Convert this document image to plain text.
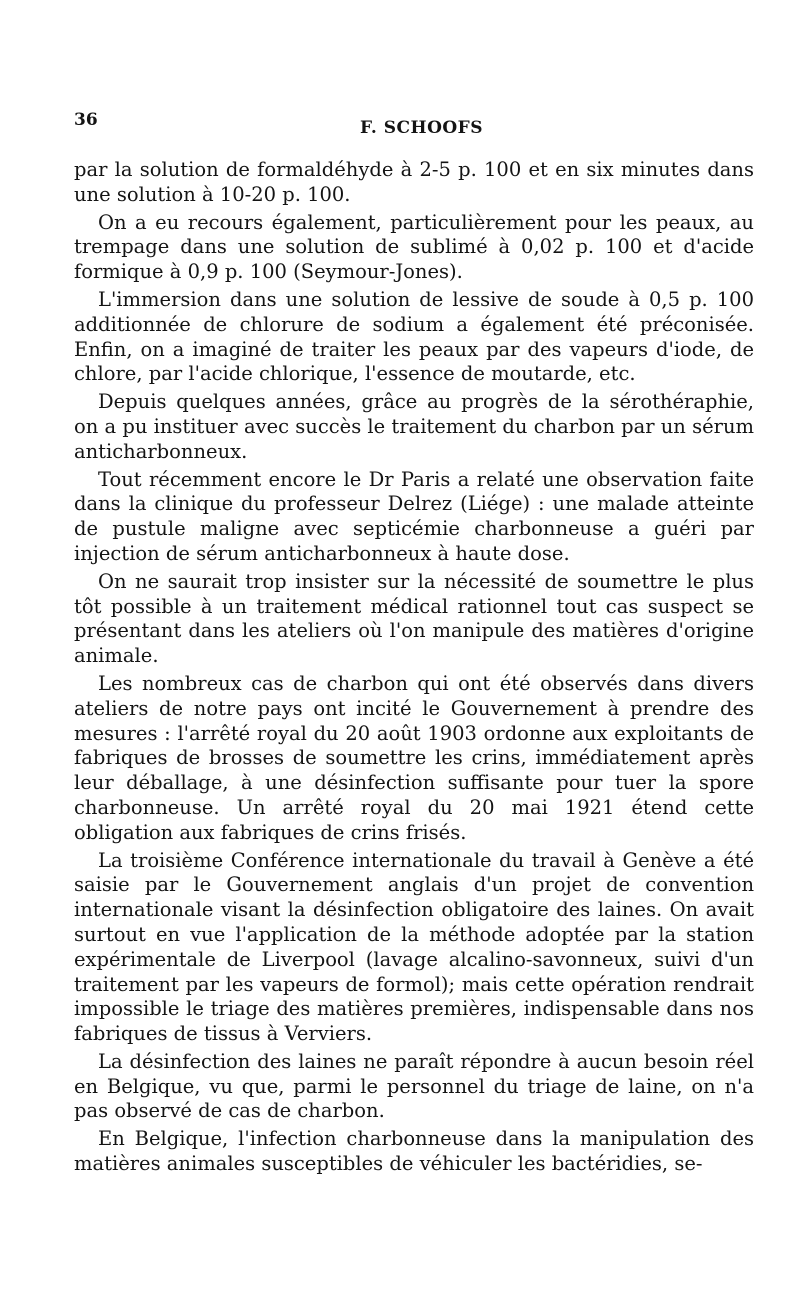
36	F. SCHOOFS

par la solution de formaldéhyde à 2-5 p. 100 et en six minutes dans une solution à 10-20 p. 100.

On a eu recours également, particulièrement pour les peaux, au trempage dans une solution de sublimé à 0,02 p. 100 et d'acide formique à 0,9 p. 100 (Seymour-Jones).

L'immersion dans une solution de lessive de soude à 0,5 p. 100 additionnée de chlorure de sodium a également été préconisée. Enfin, on a imaginé de traiter les peaux par des vapeurs d'iode, de chlore, par l'acide chlorique, l'essence de moutarde, etc.

Depuis quelques années, grâce au progrès de la sérothéraphie, on a pu instituer avec succès le traitement du charbon par un sérum anticharbonneux.

Tout récemment encore le Dr Paris a relaté une observation faite dans la clinique du professeur Delrez (Liége) : une malade atteinte de pustule maligne avec septicémie charbonneuse a guéri par injection de sérum anticharbonneux à haute dose.

On ne saurait trop insister sur la nécessité de soumettre le plus tôt possible à un traitement médical rationnel tout cas suspect se présentant dans les ateliers où l'on manipule des matières d'origine animale.

Les nombreux cas de charbon qui ont été observés dans divers ateliers de notre pays ont incité le Gouvernement à prendre des mesures : l'arrêté royal du 20 août 1903 ordonne aux exploitants de fabriques de brosses de soumettre les crins, immédiatement après leur déballage, à une désinfection suffisante pour tuer la spore charbonneuse. Un arrêté royal du 20 mai 1921 étend cette obligation aux fabriques de crins frisés.

La troisième Conférence internationale du travail à Genève a été saisie par le Gouvernement anglais d'un projet de convention internationale visant la désinfection obligatoire des laines. On avait surtout en vue l'application de la méthode adoptée par la station expérimentale de Liverpool (lavage alcalino-savonneux, suivi d'un traitement par les vapeurs de formol); mais cette opération rendrait impossible le triage des matières premières, indispensable dans nos fabriques de tissus à Verviers.

La désinfection des laines ne paraît répondre à aucun besoin réel en Belgique, vu que, parmi le personnel du triage de laine, on n'a pas observé de cas de charbon.

En Belgique, l'infection charbonneuse dans la manipulation des matières animales susceptibles de véhiculer les bactéridies, se-
